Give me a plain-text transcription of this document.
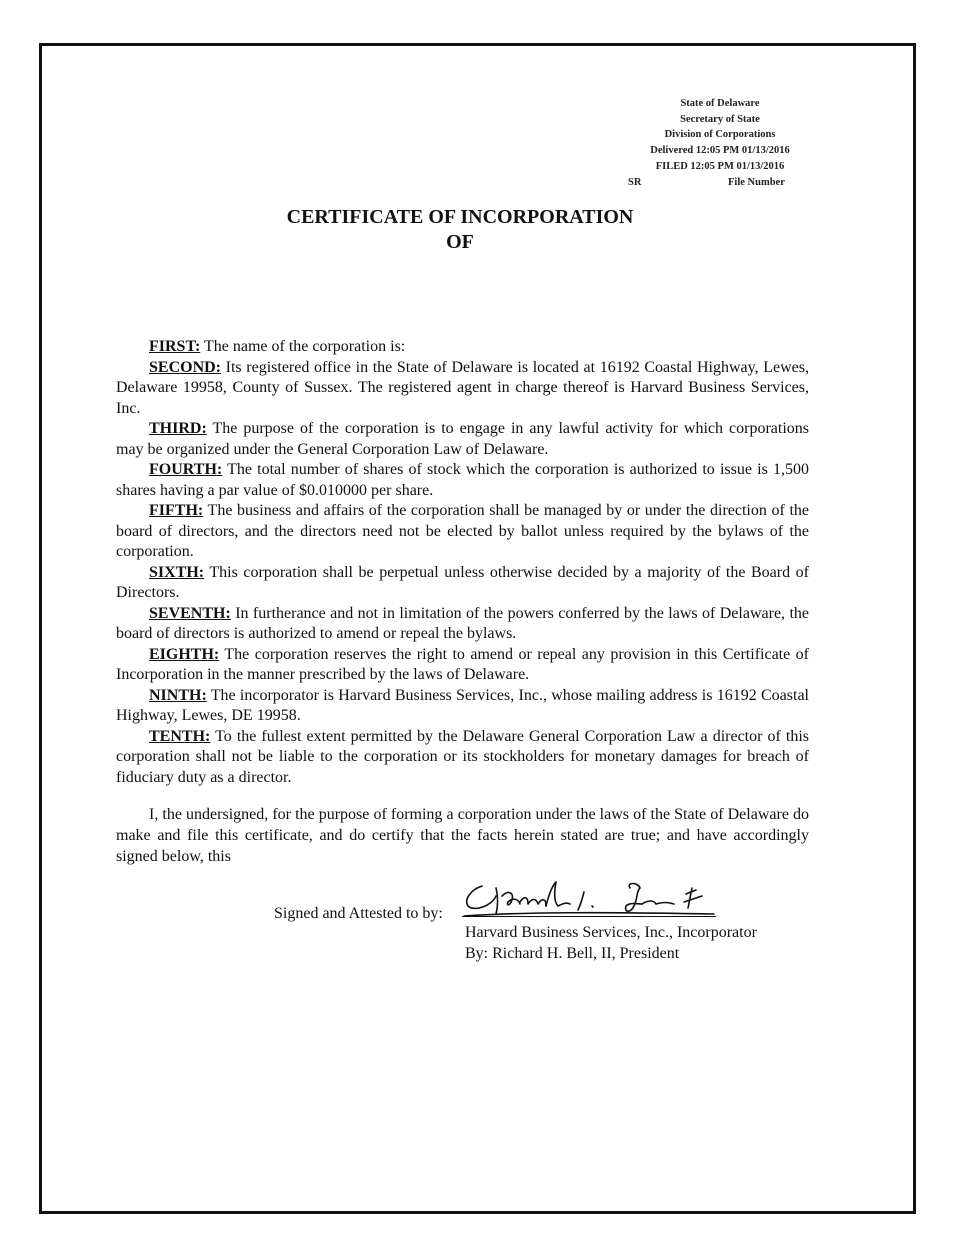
State of Delaware
Secretary of State
Division of Corporations
Delivered 12:05 PM 01/13/2016
FILED 12:05 PM 01/13/2016
SR	File Number
CERTIFICATE OF INCORPORATION
OF

FIRST: The name of the corporation is:

SECOND: Its registered office in the State of Delaware is located at 16192 Coastal Highway, Lewes, Delaware 19958, County of Sussex. The registered agent in charge thereof is Harvard Business Services, Inc.

THIRD: The purpose of the corporation is to engage in any lawful activity for which corporations may be organized under the General Corporation Law of Delaware.

FOURTH: The total number of shares of stock which the corporation is authorized to issue is 1,500 shares having a par value of $0.010000 per share.

FIFTH: The business and affairs of the corporation shall be managed by or under the direction of the board of directors, and the directors need not be elected by ballot unless required by the bylaws of the corporation.

SIXTH: This corporation shall be perpetual unless otherwise decided by a majority of the Board of Directors.

SEVENTH: In furtherance and not in limitation of the powers conferred by the laws of Delaware, the board of directors is authorized to amend or repeal the bylaws.

EIGHTH: The corporation reserves the right to amend or repeal any provision in this Certificate of Incorporation in the manner prescribed by the laws of Delaware.

NINTH: The incorporator is Harvard Business Services, Inc., whose mailing address is 16192 Coastal Highway, Lewes, DE 19958.

TENTH: To the fullest extent permitted by the Delaware General Corporation Law a director of this corporation shall not be liable to the corporation or its stockholders for monetary damages for breach of fiduciary duty as a director.

I, the undersigned, for the purpose of forming a corporation under the laws of the State of Delaware do make and file this certificate, and do certify that the facts herein stated are true; and have accordingly signed below, this

Signed and Attested to by:
Harvard Business Services, Inc., Incorporator
By: Richard H. Bell, II, President
